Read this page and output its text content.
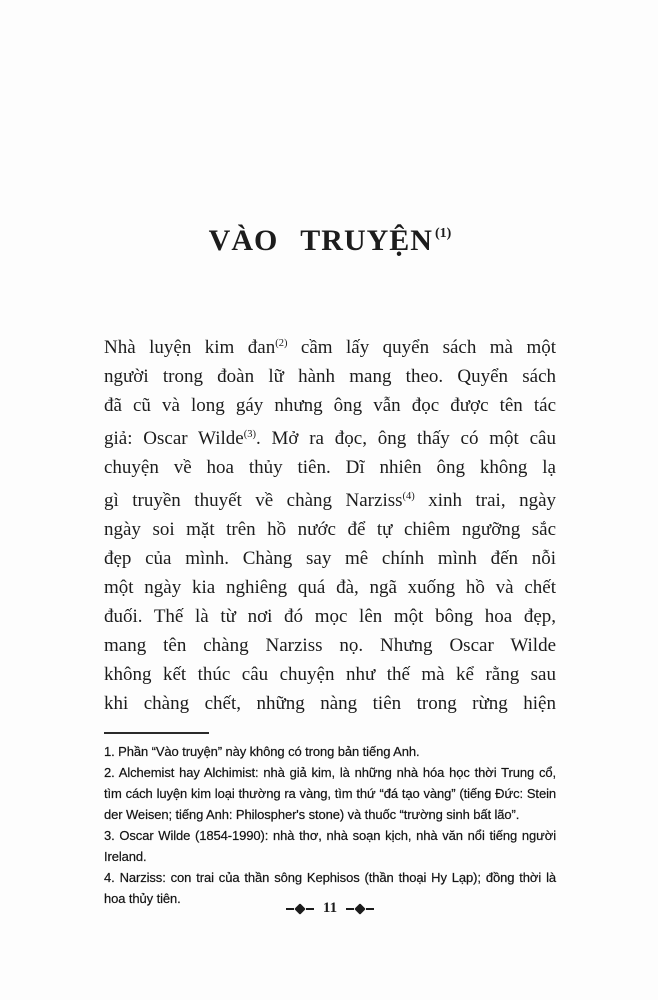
VÀO TRUYỆN $^{(1)}$
Nhà luyện kim đan$^{(2)}$ cầm lấy quyển sách mà một
người trong đoàn lữ hành mang theo. Quyển sách
đã cũ và long gáy nhưng ông vẫn đọc được tên tác
giả: Oscar Wilde$^{(3)}$. Mở ra đọc, ông thấy có một câu
chuyện về hoa thủy tiên. Dĩ nhiên ông không lạ
gì truyền thuyết về chàng Narziss$^{(4)}$ xinh trai, ngày
ngày soi mặt trên hồ nước để tự chiêm ngưỡng sắc
đẹp của mình. Chàng say mê chính mình đến nỗi
một ngày kia nghiêng quá đà, ngã xuống hồ và chết
đuối. Thế là từ nơi đó mọc lên một bông hoa đẹp,
mang tên chàng Narziss nọ. Nhưng Oscar Wilde
không kết thúc câu chuyện như thế mà kể rằng sau
khi chàng chết, những nàng tiên trong rừng hiện
1. Phần “Vào truyện” này không có trong bản tiếng Anh.
2. Alchemist hay Alchimist: nhà giả kim, là những nhà hóa học thời Trung cổ,
tìm cách luyện kim loại thường ra vàng, tìm thứ “đá tạo vàng” (tiếng Đức: Stein
der Weisen; tiếng Anh: Philospher's stone) và thuốc “trường sinh bất lão”.
3. Oscar Wilde (1854-1990): nhà thơ, nhà soạn kịch, nhà văn nổi tiếng người
Ireland.
4. Narziss: con trai của thần sông Kephisos (thần thoại Hy Lạp); đồng thời là
hoa thủy tiên.
11
